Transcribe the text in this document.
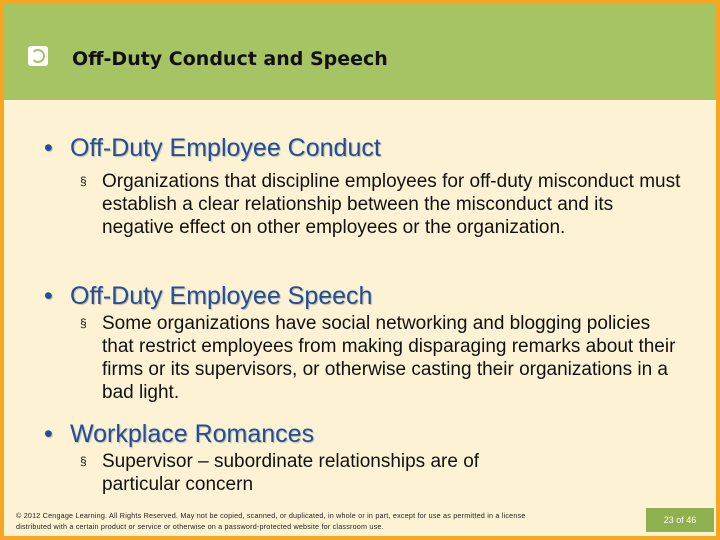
Off-Duty Conduct and Speech
• Off-Duty Employee Conduct
§ Organizations that discipline employees for off-duty misconduct must establish a clear relationship between the misconduct and its negative effect on other employees or the organization.
• Off-Duty Employee Speech
§ Some organizations have social networking and blogging policies that restrict employees from making disparaging remarks about their firms or its supervisors, or otherwise casting their organizations in a bad light.
• Workplace Romances
§ Supervisor – subordinate relationships are of particular concern
© 2012 Cengage Learning. All Rights Reserved. May not be copied, scanned, or duplicated, in whole or in part, except for use as permitted in a license distributed with a certain product or service or otherwise on a password-protected website for classroom use.
23 of 46
